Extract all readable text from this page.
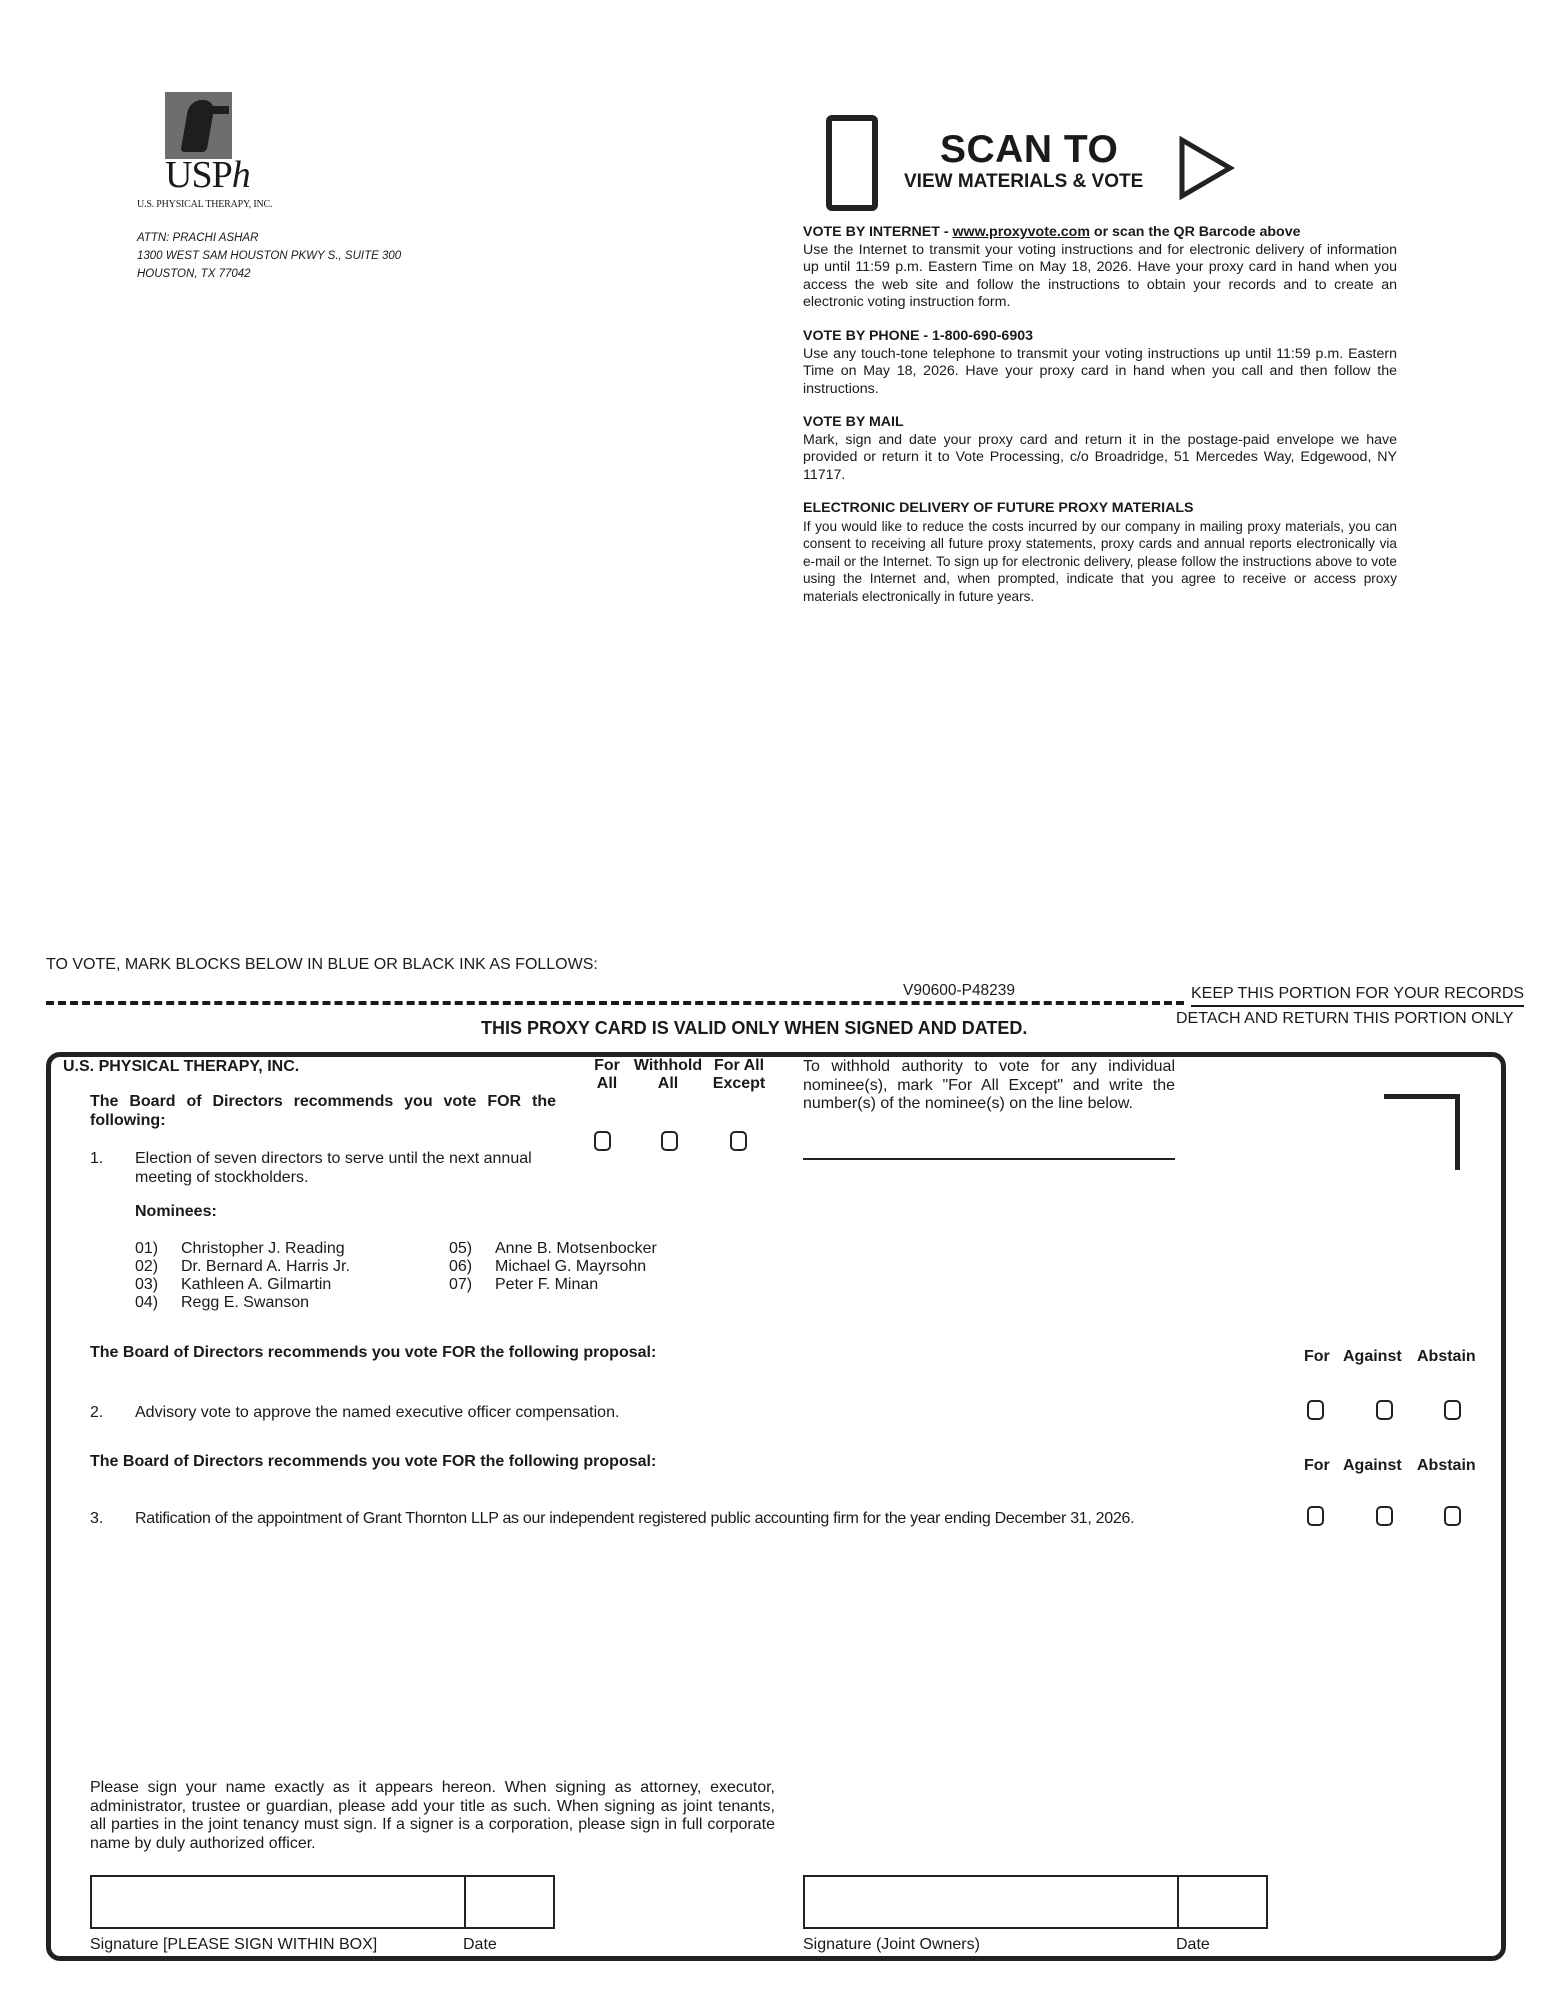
USPh
U.S. PHYSICAL THERAPY, INC.
ATTN: PRACHI ASHAR
1300 WEST SAM HOUSTON PKWY S., SUITE 300
HOUSTON, TX 77042
SCAN TO
VIEW MATERIALS & VOTE
VOTE BY INTERNET - www.proxyvote.com or scan the QR Barcode above
Use the Internet to transmit your voting instructions and for electronic delivery of information up until 11:59 p.m. Eastern Time on May 18, 2026. Have your proxy card in hand when you access the web site and follow the instructions to obtain your records and to create an electronic voting instruction form.
VOTE BY PHONE - 1-800-690-6903
Use any touch-tone telephone to transmit your voting instructions up until 11:59 p.m. Eastern Time on May 18, 2026. Have your proxy card in hand when you call and then follow the instructions.
VOTE BY MAIL
Mark, sign and date your proxy card and return it in the postage-paid envelope we have provided or return it to Vote Processing, c/o Broadridge, 51 Mercedes Way, Edgewood, NY 11717.
ELECTRONIC DELIVERY OF FUTURE PROXY MATERIALS
If you would like to reduce the costs incurred by our company in mailing proxy materials, you can consent to receiving all future proxy statements, proxy cards and annual reports electronically via e-mail or the Internet. To sign up for electronic delivery, please follow the instructions above to vote using the Internet and, when prompted, indicate that you agree to receive or access proxy materials electronically in future years.
TO VOTE, MARK BLOCKS BELOW IN BLUE OR BLACK INK AS FOLLOWS:
V90600-P48239	KEEP THIS PORTION FOR YOUR RECORDS
DETACH AND RETURN THIS PORTION ONLY
THIS PROXY CARD IS VALID ONLY WHEN SIGNED AND DATED.
U.S. PHYSICAL THERAPY, INC.
The Board of Directors recommends you vote FOR the following:
1. Election of seven directors to serve until the next annual meeting of stockholders.
Nominees:
01) Christopher J. Reading
02) Dr. Bernard A. Harris Jr.
03) Kathleen A. Gilmartin
04) Regg E. Swanson
05) Anne B. Motsenbocker
06) Michael G. Mayrsohn
07) Peter F. Minan
For
All
Withhold
All
For All
Except
To withhold authority to vote for any individual nominee(s), mark "For All Except" and write the number(s) of the nominee(s) on the line below.
The Board of Directors recommends you vote FOR the following proposal:	For Against Abstain
2. Advisory vote to approve the named executive officer compensation.
The Board of Directors recommends you vote FOR the following proposal:	For Against Abstain
3. Ratification of the appointment of Grant Thornton LLP as our independent registered public accounting firm for the year ending December 31, 2026.
Please sign your name exactly as it appears hereon. When signing as attorney, executor, administrator, trustee or guardian, please add your title as such. When signing as joint tenants, all parties in the joint tenancy must sign. If a signer is a corporation, please sign in full corporate name by duly authorized officer.
Signature [PLEASE SIGN WITHIN BOX]	Date	Signature (Joint Owners)	Date
